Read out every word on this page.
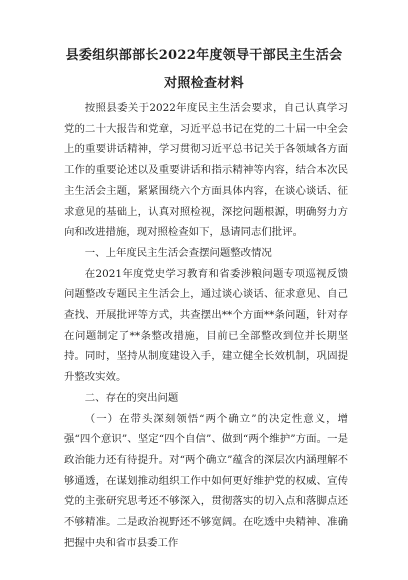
县委组织部部长2022年度领导干部民主生活会
对照检查材料

按照县委关于2022年度民主生活会要求，自己认真学习党的二十大报告和党章，习近平总书记在党的二十届一中全会上的重要讲话精神，学习贯彻习近平总书记关于各领域各方面工作的重要论述以及重要讲话和指示精神等内容，结合本次民主生活会主题，紧紧围绕六个方面具体内容，在谈心谈话、征求意见的基础上，认真对照检视，深挖问题根源，明确努力方向和改进措施，现对照检查如下，恳请同志们批评。

一、上年度民主生活会查摆问题整改情况

在2021年度党史学习教育和省委涉粮问题专项巡视反馈问题整改专题民主生活会上，通过谈心谈话、征求意见、自己查找、开展批评等方式，共查摆出**个方面**条问题，针对存在问题制定了**条整改措施，目前已全部整改到位并长期坚持。同时，坚持从制度建设入手，建立健全长效机制，巩固提升整改实效。

二、存在的突出问题

（一）在带头深刻领悟“两个确立”的决定性意义，增强“四个意识”、坚定“四个自信”、做到“两个维护”方面。一是政治能力还有待提升。对“两个确立”蕴含的深层次内涵理解不够通透，在谋划推动组织工作中如何更好维护党的权威、宣传党的主张研究思考还不够深入，贯彻落实的切入点和落脚点还不够精准。二是政治视野还不够宽阔。在吃透中央精神、准确把握中央和省市县委工作
